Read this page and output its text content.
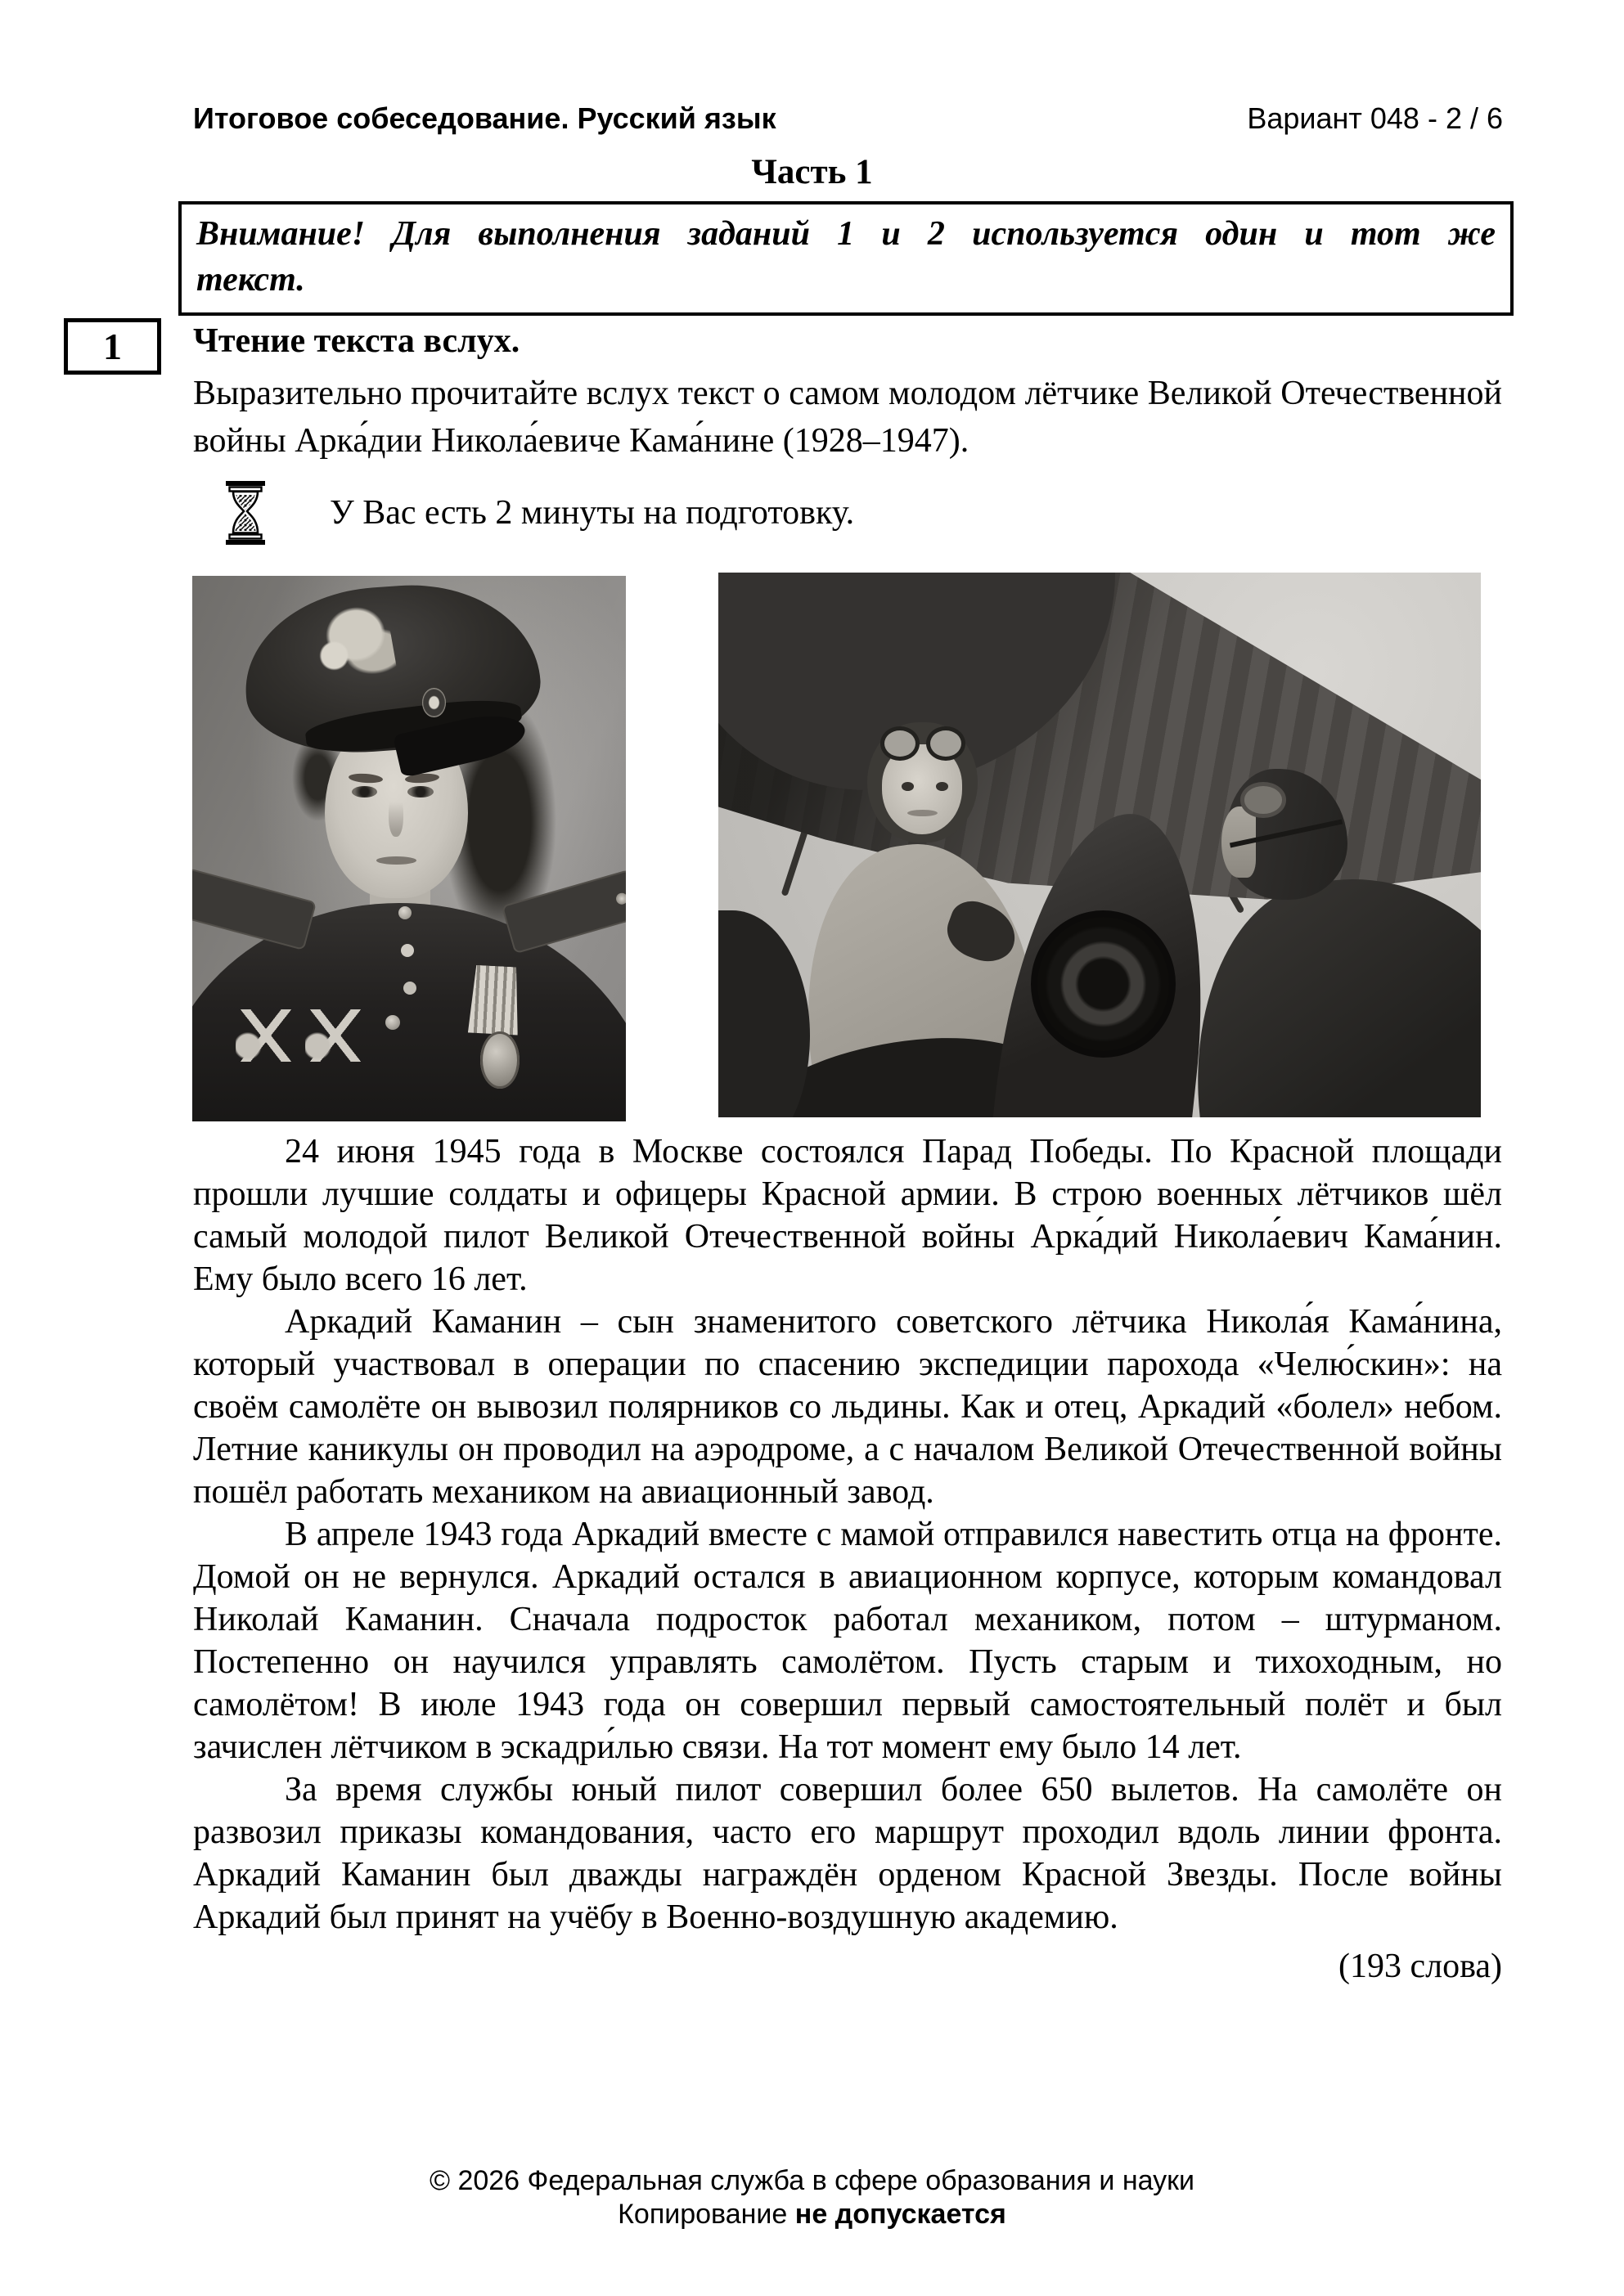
Итоговое собеседование. Русский язык	Вариант 048 - 2 / 6
Часть 1
Внимание! Для выполнения заданий 1 и 2 используется один и тот же
текст.
1	Чтение текста вслух.

Выразительно прочитайте вслух текст о самом молодом лётчике Великой Отечественной войны Арка́дии Никола́евиче Кама́нине (1928–1947).

У Вас есть 2 минуты на подготовку.

24 июня 1945 года в Москве состоялся Парад Победы. По Красной площади прошли лучшие солдаты и офицеры Красной армии. В строю военных лётчиков шёл самый молодой пилот Великой Отечественной войны Арка́дий Никола́евич Кама́нин. Ему было всего 16 лет.

Аркадий Каманин – сын знаменитого советского лётчика Никола́я Кама́нина, который участвовал в операции по спасению экспедиции парохода «Челю́скин»: на своём самолёте он вывозил полярников со льдины. Как и отец, Аркадий «болел» небом. Летние каникулы он проводил на аэродроме, а с началом Великой Отечественной войны пошёл работать механиком на авиационный завод.

В апреле 1943 года Аркадий вместе с мамой отправился навестить отца на фронте. Домой он не вернулся. Аркадий остался в авиационном корпусе, которым командовал Николай Каманин. Сначала подросток работал механиком, потом – штурманом. Постепенно он научился управлять самолётом. Пусть старым и тихоходным, но самолётом! В июле 1943 года он совершил первый самостоятельный полёт и был зачислен лётчиком в эскадри́лью связи. На тот момент ему было 14 лет.

За время службы юный пилот совершил более 650 вылетов. На самолёте он развозил приказы командования, часто его маршрут проходил вдоль линии фронта. Аркадий Каманин был дважды награждён орденом Красной Звезды. После войны Аркадий был принят на учёбу в Военно-воздушную академию.

(193 слова)
© 2026 Федеральная служба в сфере образования и науки
Копирование не допускается
